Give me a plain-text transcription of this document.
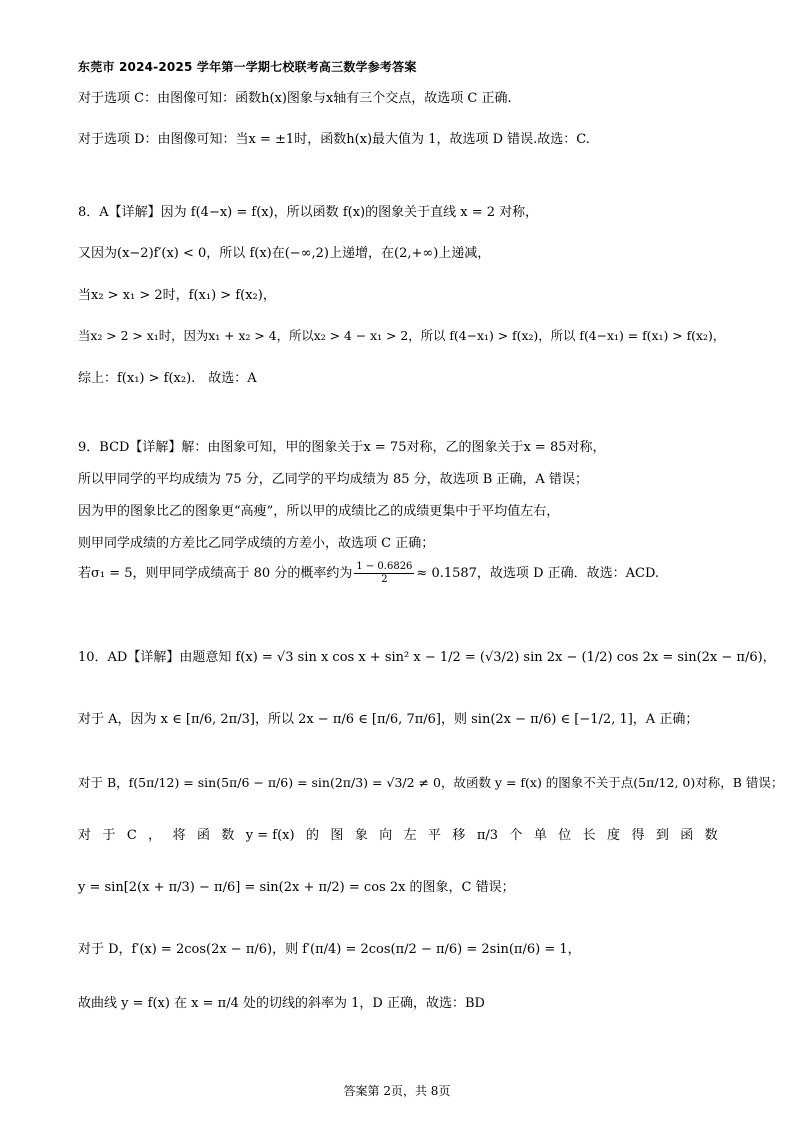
东莞市 2024-2025 学年第一学期七校联考高三数学参考答案
对于选项 C：由图像可知：函数h(x)图象与x轴有三个交点，故选项 C 正确.
对于选项 D：由图像可知：当x = ±1时，函数h(x)最大值为 1，故选项 D 错误.故选：C.
8．A【详解】因为 f(4−x) = f(x)，所以函数 f(x)的图象关于直线 x = 2 对称，
又因为(x−2)f′(x) < 0，所以 f(x)在(−∞,2)上递增，在(2,+∞)上递减，
当x₂ > x₁ > 2时，f(x₁) > f(x₂)，
当x₂ > 2 > x₁时，因为x₁ + x₂ > 4，所以x₂ > 4 − x₁ > 2，所以 f(4−x₁) > f(x₂)，所以 f(4−x₁) = f(x₁) > f(x₂)，
综上：f(x₁) > f(x₂).　故选：A
9．BCD【详解】解：由图象可知，甲的图象关于x = 75对称，乙的图象关于x = 85对称，
所以甲同学的平均成绩为 75 分，乙同学的平均成绩为 85 分，故选项 B 正确，A 错误；
因为甲的图象比乙的图象更“高瘦”，所以甲的成绩比乙的成绩更集中于平均值左右，
则甲同学成绩的方差比乙同学成绩的方差小，故选项 C 正确；
若σ₁ = 5，则甲同学成绩高于 80 分的概率约为 $\frac{1 - 0.6826}{2} \approx 0.1587$，故选项 D 正确．故选：ACD.
10．AD【详解】由题意知 f(x) = √3 sin x cos x + sin² x − 1/2 = (√3/2) sin 2x − (1/2) cos 2x = sin(2x − π/6)，
对于 A，因为 x ∈ [π/6, 2π/3]，所以 2x − π/6 ∈ [π/6, 7π/6]，则 sin(2x − π/6) ∈ [−1/2, 1]，A 正确；
对于 B，f(5π/12) = sin(5π/6 − π/6) = sin(2π/3) = √3/2 ≠ 0，故函数 y = f(x) 的图象不关于点(5π/12, 0)对称，B 错误；
对 于 C ， 将 函 数 y = f(x) 的 图 象 向 左 平 移 π/3 个 单 位 长 度 得 到 函 数
y = sin[2(x + π/3) − π/6] = sin(2x + π/2) = cos 2x 的图象，C 错误；
对于 D，f′(x) = 2cos(2x − π/6)，则 f′(π/4) = 2cos(π/2 − π/6) = 2sin(π/6) = 1，
故曲线 y = f(x) 在 x = π/4 处的切线的斜率为 1，D 正确，故选：BD
答案第 2页，共 8页
